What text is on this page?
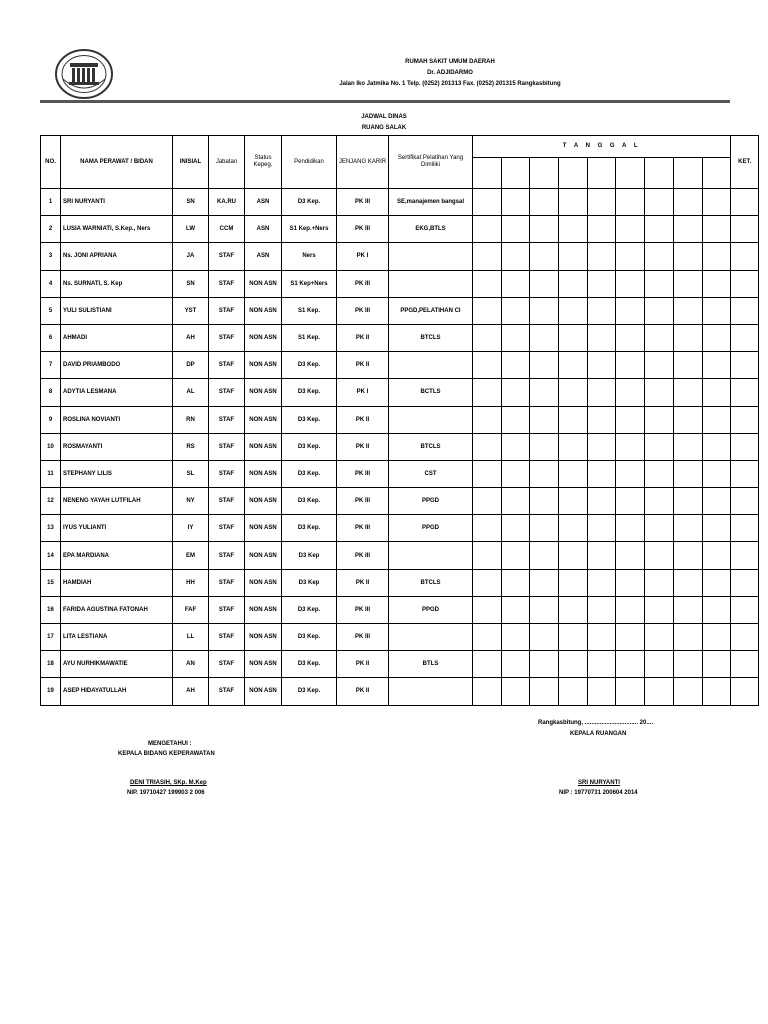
RUMAH SAKIT UMUM DAERAH
Dr. ADJIDARMO
Jalan Iko Jatmika No. 1 Telp. (0252) 201313 Fax. (0252) 201315 Rangkasbitung
JADWAL DINAS
RUANG SALAK
NO.	NAMA PERAWAT / BIDAN	INISIAL	Jabatan	Status Kepeg.	Pendidikan	JENJANG KARIR	Sertifikat Pelatihan Yang Dimiliki	T A N G G A L									KET.

1	SRI NURYANTI	SN	KA.RU	ASN	D3 Kep.	PK III	SE,manajemen bangsal										
2	LUSIA WARNIATI, S.Kep., Ners	LW	CCM	ASN	S1 Kep.+Ners	PK III	EKG,BTLS										
3	Ns. JONI APRIANA	JA	STAF	ASN	Ners	PK I											
4	Ns. SURNATI, S. Kep	SN	STAF	NON ASN	S1 Kep+Ners	PK III											
5	YULI SULISTIANI	YST	STAF	NON ASN	S1 Kep.	PK III	PPGD,PELATIHAN CI										
6	AHMADI	AH	STAF	NON ASN	S1 Kep.	PK II	BTCLS										
7	DAVID PRIAMBODO	DP	STAF	NON ASN	D3 Kep.	PK II											
8	ADYTIA LESMANA	AL	STAF	NON ASN	D3 Kep.	PK I	BCTLS										
9	ROSLINA NOVIANTI	RN	STAF	NON ASN	D3 Kep.	PK II											
10	ROSMAYANTI	RS	STAF	NON ASN	D3 Kep.	PK II	BTCLS										
11	STEPHANY LILIS	SL	STAF	NON ASN	D3 Kep.	PK III	CST										
12	NENENG YAYAH LUTFILAH	NY	STAF	NON ASN	D3 Kep.	PK III	PPGD										
13	IYUS YULIANTI	IY	STAF	NON ASN	D3 Kep.	PK III	PPGD										
14	EPA MARDIANA	EM	STAF	NON ASN	D3 Kep	PK III											
15	HAMDIAH	HH	STAF	NON ASN	D3 Kep	PK II	BTCLS										
16	FARIDA AGUSTINA FATONAH	FAF	STAF	NON ASN	D3 Kep.	PK III	PPGD										
17	LITA LESTIANA	LL	STAF	NON ASN	D3 Kep.	PK III											
18	AYU NURHIKMAWATIE	AN	STAF	NON ASN	D3 Kep.	PK II	BTLS										
19	ASEP HIDAYATULLAH	AH	STAF	NON ASN	D3 Kep.	PK II											
Rangkasbitung, ................................ 20....
KEPALA RUANGAN
MENGETAHUI :
KEPALA BIDANG KEPERAWATAN
DENI TRIASIH, SKp. M.Kep
NIP. 19710427 199903 2 006
SRI NURYANTI
NIP : 19770731 200604 2014
